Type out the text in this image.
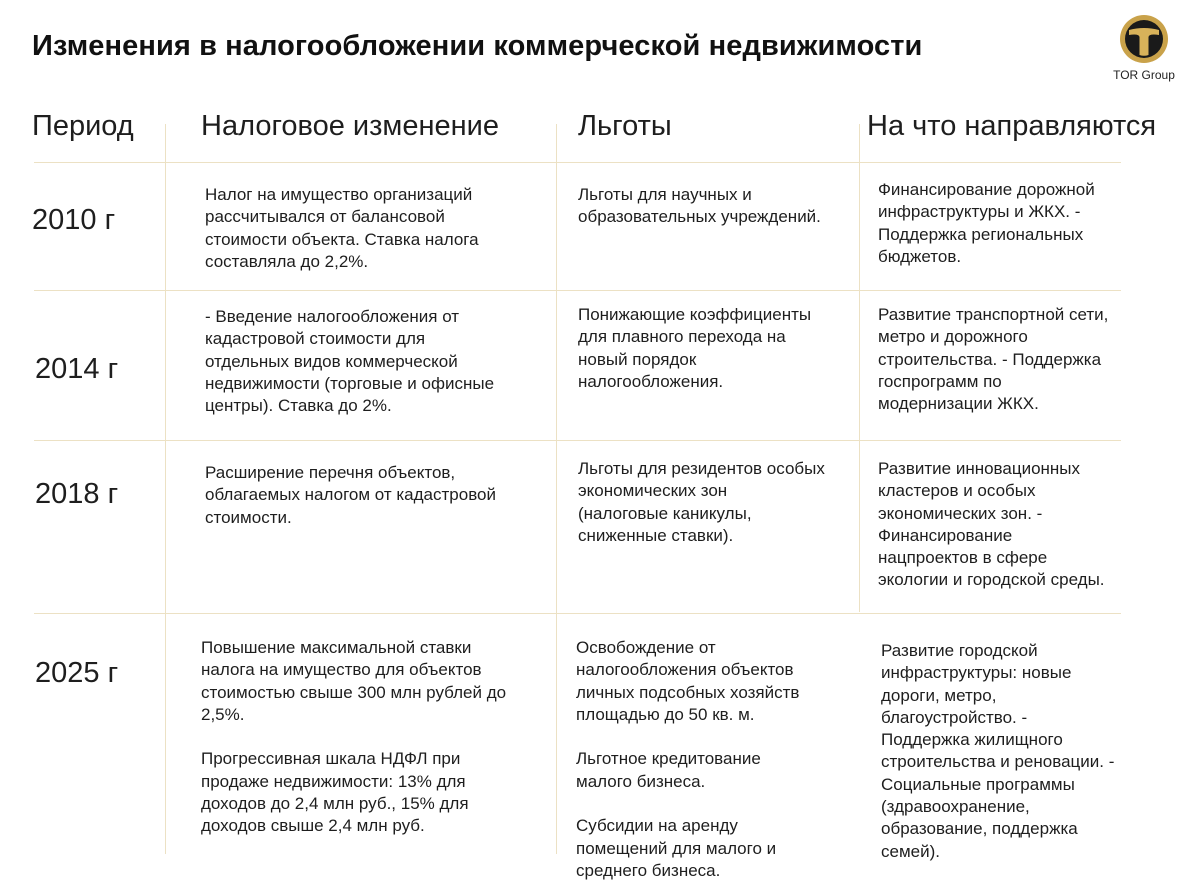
Изменения в налогообложении коммерческой недвижимости
TOR Group
Период Налоговое изменение	Льготы	На что направляются
2010 г
Налог на имущество организаций
рассчитывался от балансовой
стоимости объекта. Ставка налога
составляла до 2,2%.
Льготы для научных и
образовательных учреждений.
Финансирование дорожной
инфраструктуры и ЖКХ. -
Поддержка региональных
бюджетов.
2014 г
- Введение налогообложения от
кадастровой стоимости для
отдельных видов коммерческой
недвижимости (торговые и офисные
центры). Ставка до 2%.
Понижающие коэффициенты
для плавного перехода на
новый порядок
налогообложения.
Развитие транспортной сети,
метро и дорожного
строительства. - Поддержка
госпрограмм по
модернизации ЖКХ.
2018 г
Расширение перечня объектов,
облагаемых налогом от кадастровой
стоимости.
Льготы для резидентов особых
экономических зон
(налоговые каникулы,
сниженные ставки).
Развитие инновационных
кластеров и особых
экономических зон. -
Финансирование
нацпроектов в сфере
экологии и городской среды.
2025 г
Повышение максимальной ставки
налога на имущество для объектов
стоимостью свыше 300 млн рублей до
2,5%.

Прогрессивная шкала НДФЛ при
продаже недвижимости: 13% для
доходов до 2,4 млн руб., 15% для
доходов свыше 2,4 млн руб.
Освобождение от
налогообложения объектов
личных подсобных хозяйств
площадью до 50 кв. м.

Льготное кредитование
малого бизнеса.

Субсидии на аренду
помещений для малого и
среднего бизнеса.
Развитие городской
инфраструктуры: новые
дороги, метро,
благоустройство. -
Поддержка жилищного
строительства и реновации. -
Социальные программы
(здравоохранение,
образование, поддержка
семей).
